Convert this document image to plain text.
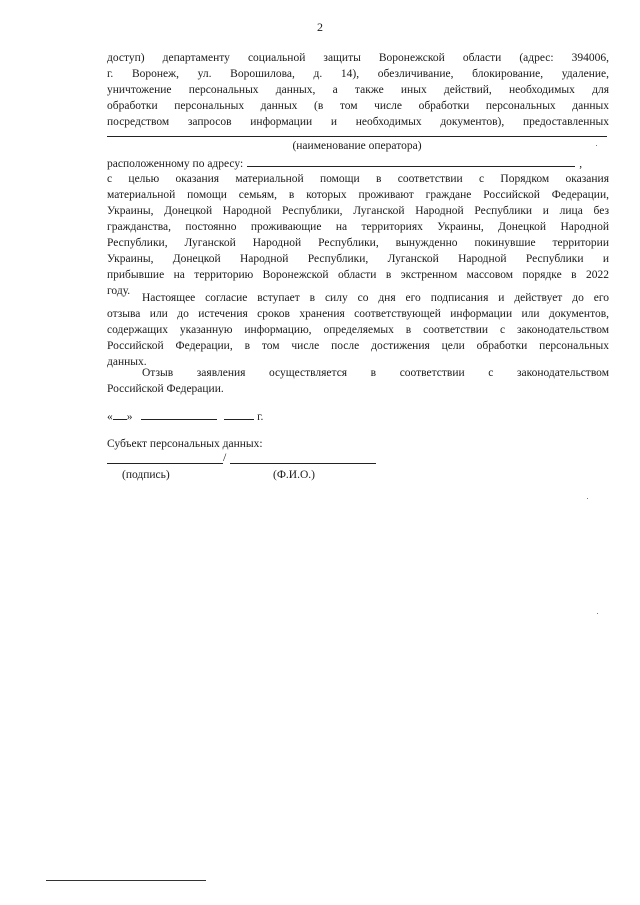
2
доступ) департаменту социальной защиты Воронежской области (адрес: 394006,
г. Воронеж, ул. Ворошилова, д. 14), обезличивание, блокирование, удаление,
уничтожение персональных данных, а также иных действий, необходимых для
обработки персональных данных (в том числе обработки персональных данных
посредством запросов информации и необходимых документов), предоставленных
(наименование оператора)
расположенному по адресу:	,
с целью оказания материальной помощи в соответствии с Порядком оказания
материальной помощи семьям, в которых проживают граждане Российской Федерации,
Украины, Донецкой Народной Республики, Луганской Народной Республики и лица без
гражданства, постоянно проживающие на территориях Украины, Донецкой Народной
Республики, Луганской Народной Республики, вынужденно покинувшие территории
Украины, Донецкой Народной Республики, Луганской Народной Республики и
прибывшие на территорию Воронежской области в экстренном массовом порядке в 2022
году.
Настоящее согласие вступает в силу со дня его подписания и действует до его
отзыва или до истечения сроков хранения соответствующей информации или документов,
содержащих указанную информацию, определяемых в соответствии с законодательством
Российской Федерации, в том числе после достижения цели обработки персональных
данных.
Отзыв заявления осуществляется в соответствии с законодательством
Российской Федерации.
« »	г.
Субъект персональных данных:
/
(подпись)	(Ф.И.О.)
